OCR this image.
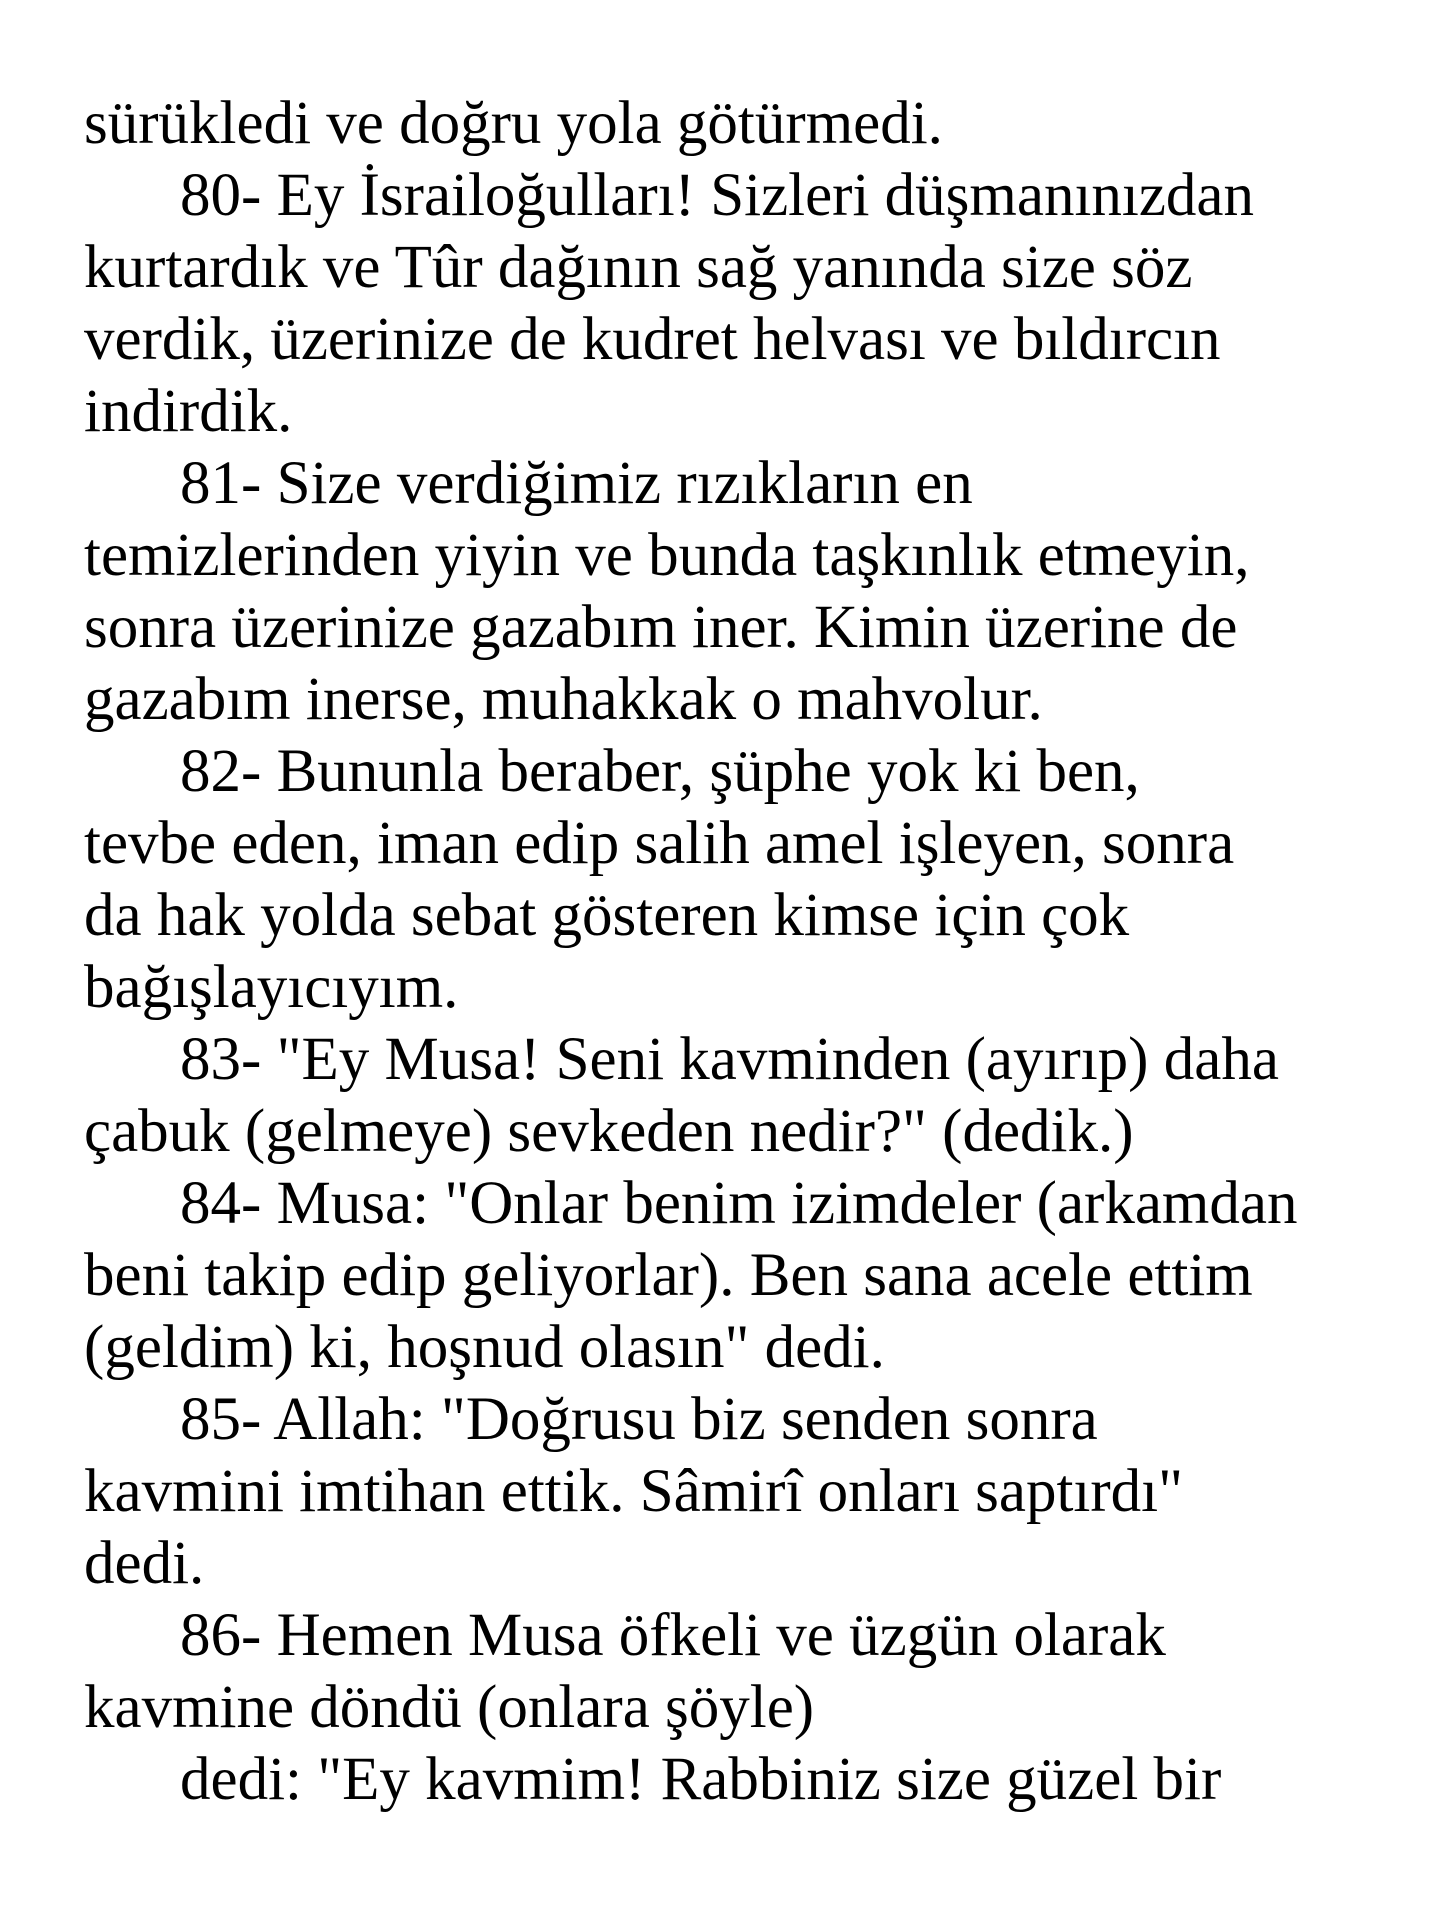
sürükledi ve doğru yola götürmedi.
80- Ey İsrailoğulları! Sizleri düşmanınızdan
kurtardık ve Tûr dağının sağ yanında size söz
verdik, üzerinize de kudret helvası ve bıldırcın
indirdik.
81- Size verdiğimiz rızıkların en
temizlerinden yiyin ve bunda taşkınlık etmeyin,
sonra üzerinize gazabım iner. Kimin üzerine de
gazabım inerse, muhakkak o mahvolur.
82- Bununla beraber, şüphe yok ki ben,
tevbe eden, iman edip salih amel işleyen, sonra
da hak yolda sebat gösteren kimse için çok
bağışlayıcıyım.
83- "Ey Musa! Seni kavminden (ayırıp) daha
çabuk (gelmeye) sevkeden nedir?" (dedik.)
84- Musa: "Onlar benim izimdeler (arkamdan
beni takip edip geliyorlar). Ben sana acele ettim
(geldim) ki, hoşnud olasın" dedi.
85- Allah: "Doğrusu biz senden sonra
kavmini imtihan ettik. Sâmirî onları saptırdı"
dedi.
86- Hemen Musa öfkeli ve üzgün olarak
kavmine döndü (onlara şöyle)
dedi: "Ey kavmim! Rabbiniz size güzel bir
